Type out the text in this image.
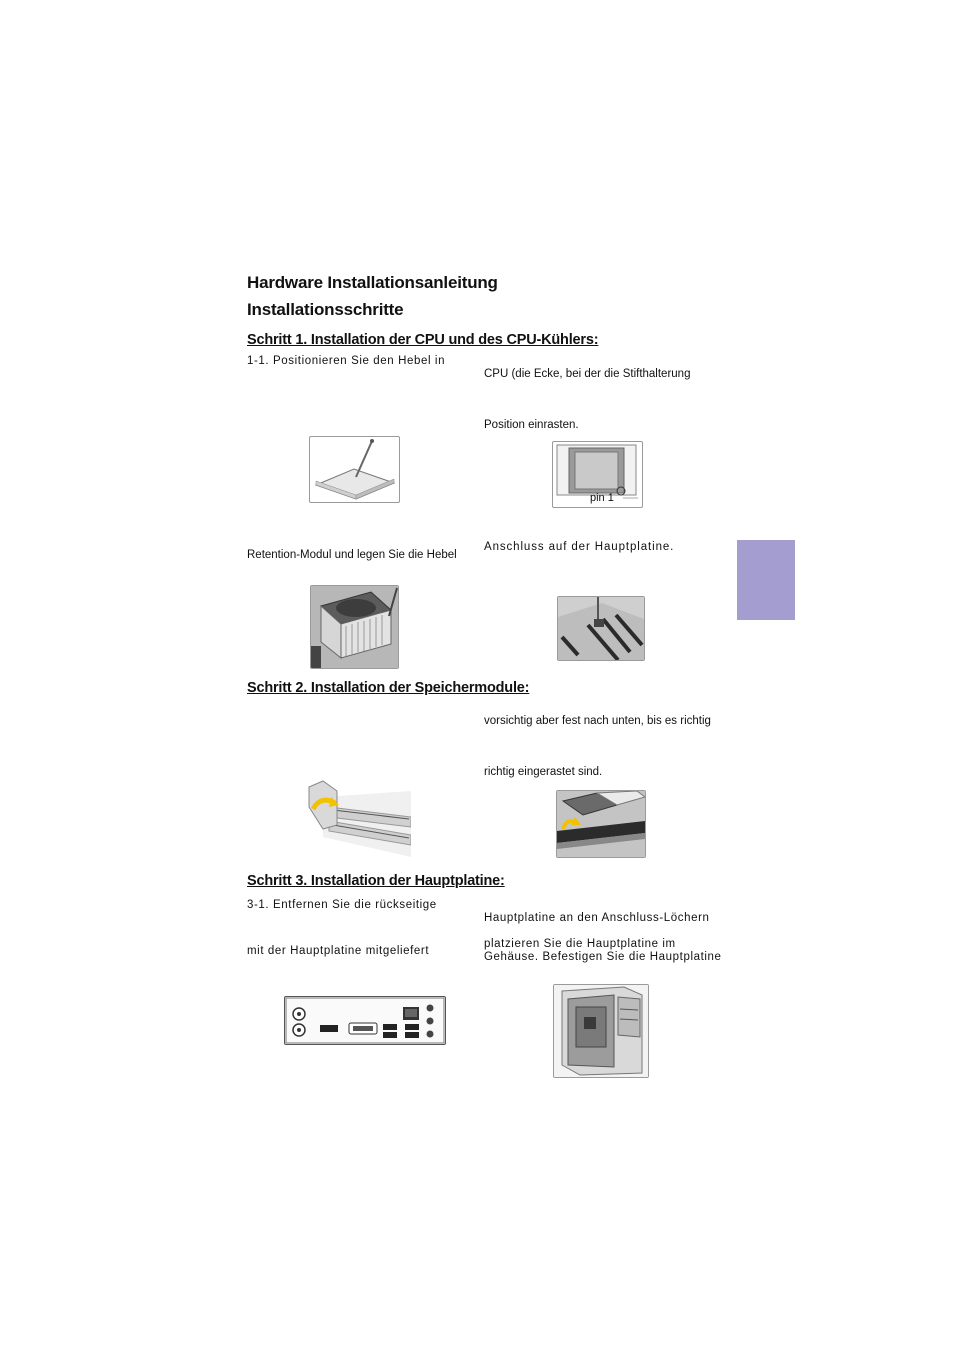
Hardware Installationsanleitung
Installationsschritte
Schritt 1. Installation der CPU und des CPU-Kühlers:
1-1. Positionieren Sie den Hebel in
CPU (die Ecke, bei der die Stifthalterung
Position einrasten.
pin 1
Anschluss auf der Hauptplatine.
Retention-Modul und legen Sie die Hebel
Schritt 2. Installation der Speichermodule:
vorsichtig aber fest nach unten, bis es richtig
richtig eingerastet sind.
Schritt 3. Installation der Hauptplatine:
3-1. Entfernen Sie die rückseitige
Hauptplatine an den Anschluss-Löchern
platzieren Sie die Hauptplatine im
mit der Hauptplatine mitgeliefert	Gehäuse. Befestigen Sie die Hauptplatine
